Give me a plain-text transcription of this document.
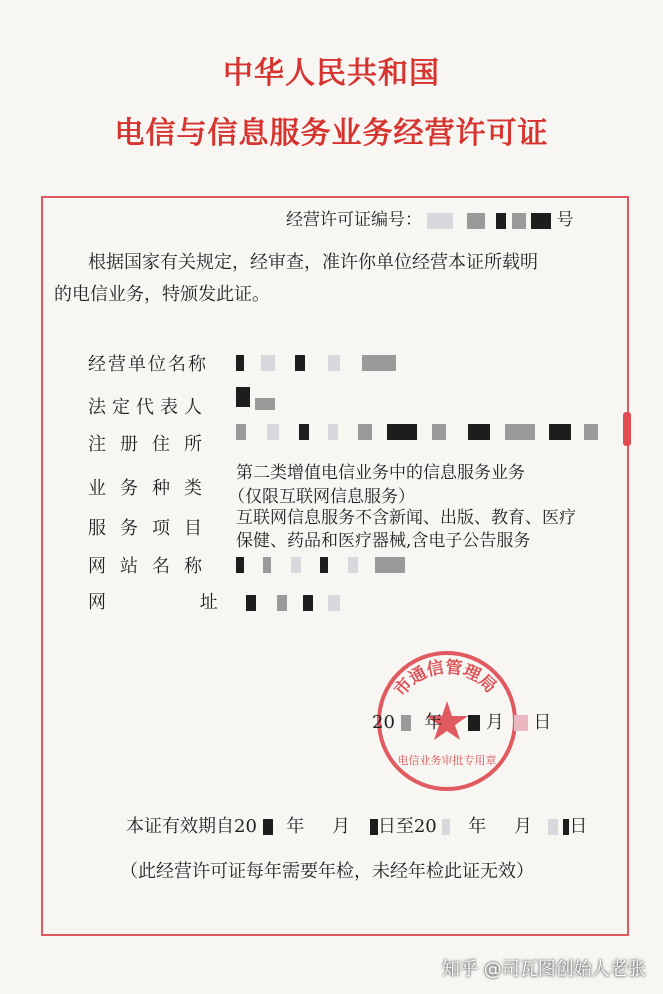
中华人民共和国
电信与信息服务业务经营许可证
经营许可证编号：	号
根据国家有关规定，经审查，准许你单位经营本证所载明
的电信业务，特颁发此证。
经营单位名称

法定代表人

注册住所

业务种类
第二类增值电信业务中的信息服务业务
（仅限互联网信息服务）
服务项目 互联网信息服务不含新闻、出版、教育、医疗
保健、药品和医疗器械,含电子公告服务
网站名称

网	址

市通信管理局
电信业务审批专用章
20 年 月 日
本证有效期自20 年 月 日至20 年 月 日
（此经营许可证每年需要年检，未经年检此证无效）
知乎 @司瓦图创始人老张
